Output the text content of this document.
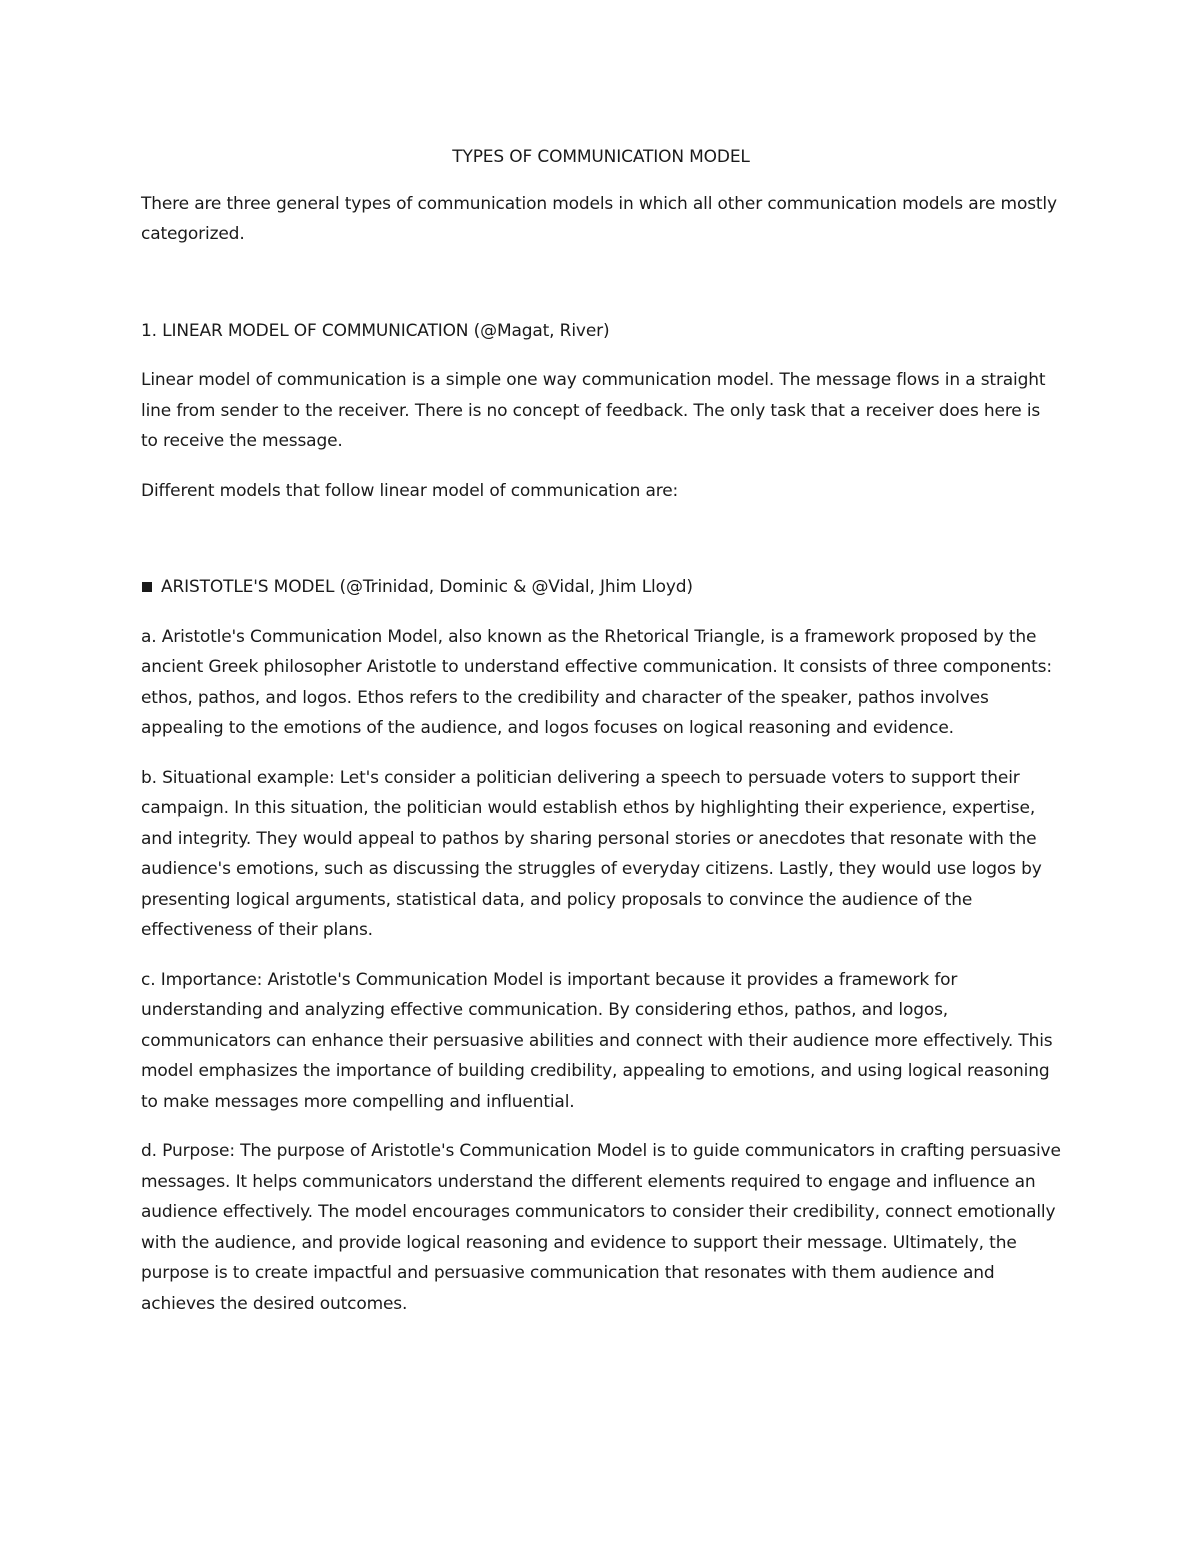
TYPES OF COMMUNICATION MODEL

There are three general types of communication models in which all other communication models are mostly categorized.

1. LINEAR MODEL OF COMMUNICATION (@Magat, River)

Linear model of communication is a simple one way communication model. The message flows in a straight line from sender to the receiver. There is no concept of feedback. The only task that a receiver does here is to receive the message.

Different models that follow linear model of communication are:

ARISTOTLE'S MODEL (@Trinidad, Dominic & @Vidal, Jhim Lloyd)

a. Aristotle's Communication Model, also known as the Rhetorical Triangle, is a framework proposed by the ancient Greek philosopher Aristotle to understand effective communication. It consists of three components: ethos, pathos, and logos. Ethos refers to the credibility and character of the speaker, pathos involves appealing to the emotions of the audience, and logos focuses on logical reasoning and evidence.

b. Situational example: Let's consider a politician delivering a speech to persuade voters to support their campaign. In this situation, the politician would establish ethos by highlighting their experience, expertise, and integrity. They would appeal to pathos by sharing personal stories or anecdotes that resonate with the audience's emotions, such as discussing the struggles of everyday citizens. Lastly, they would use logos by presenting logical arguments, statistical data, and policy proposals to convince the audience of the effectiveness of their plans.

c. Importance: Aristotle's Communication Model is important because it provides a framework for understanding and analyzing effective communication. By considering ethos, pathos, and logos, communicators can enhance their persuasive abilities and connect with their audience more effectively. This model emphasizes the importance of building credibility, appealing to emotions, and using logical reasoning to make messages more compelling and influential.

d. Purpose: The purpose of Aristotle's Communication Model is to guide communicators in crafting persuasive messages. It helps communicators understand the different elements required to engage and influence an audience effectively. The model encourages communicators to consider their credibility, connect emotionally with the audience, and provide logical reasoning and evidence to support their message. Ultimately, the purpose is to create impactful and persuasive communication that resonates with them audience and achieves the desired outcomes.
